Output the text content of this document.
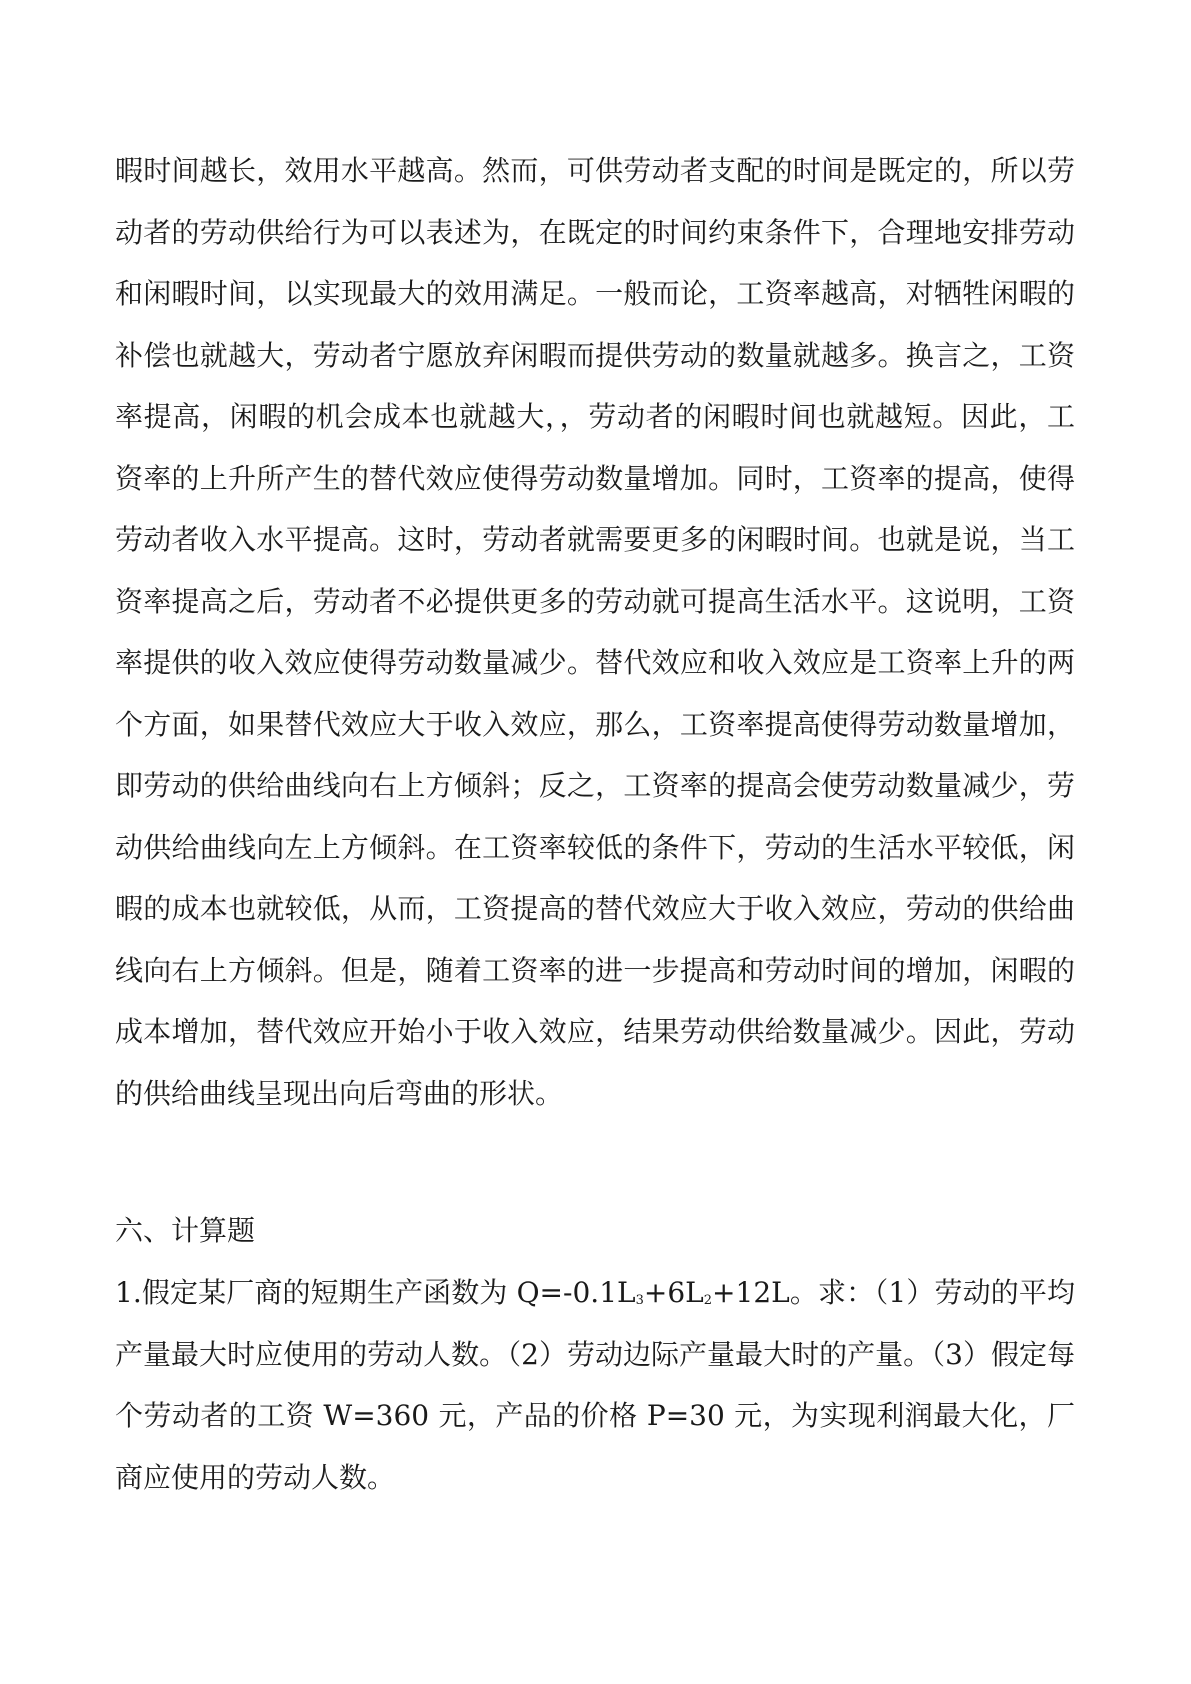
暇时间越长，效用水平越高。然而，可供劳动者支配的时间是既定的，所以劳动者的劳动供给行为可以表述为，在既定的时间约束条件下，合理地安排劳动和闲暇时间，以实现最大的效用满足。一般而论，工资率越高，对牺牲闲暇的补偿也就越大，劳动者宁愿放弃闲暇而提供劳动的数量就越多。换言之，工资率提高，闲暇的机会成本也就越大，，劳动者的闲暇时间也就越短。因此，工资率的上升所产生的替代效应使得劳动数量增加。同时，工资率的提高，使得劳动者收入水平提高。这时，劳动者就需要更多的闲暇时间。也就是说，当工资率提高之后，劳动者不必提供更多的劳动就可提高生活水平。这说明，工资率提供的收入效应使得劳动数量减少。替代效应和收入效应是工资率上升的两个方面，如果替代效应大于收入效应，那么，工资率提高使得劳动数量增加，即劳动的供给曲线向右上方倾斜；反之，工资率的提高会使劳动数量减少，劳动供给曲线向左上方倾斜。在工资率较低的条件下，劳动的生活水平较低，闲暇的成本也就较低，从而，工资提高的替代效应大于收入效应，劳动的供给曲线向右上方倾斜。但是，随着工资率的进一步提高和劳动时间的增加，闲暇的成本增加，替代效应开始小于收入效应，结果劳动供给数量减少。因此，劳动的供给曲线呈现出向后弯曲的形状。

六、计算题

1.假定某厂商的短期生产函数为 $Q=-0.1L_3+6L_2+12L$。求：（1）劳动的平均产量最大时应使用的劳动人数。（2）劳动边际产量最大时的产量。（3）假定每个劳动者的工资 W=360 元，产品的价格 P=30 元，为实现利润最大化，厂商应使用的劳动人数。
